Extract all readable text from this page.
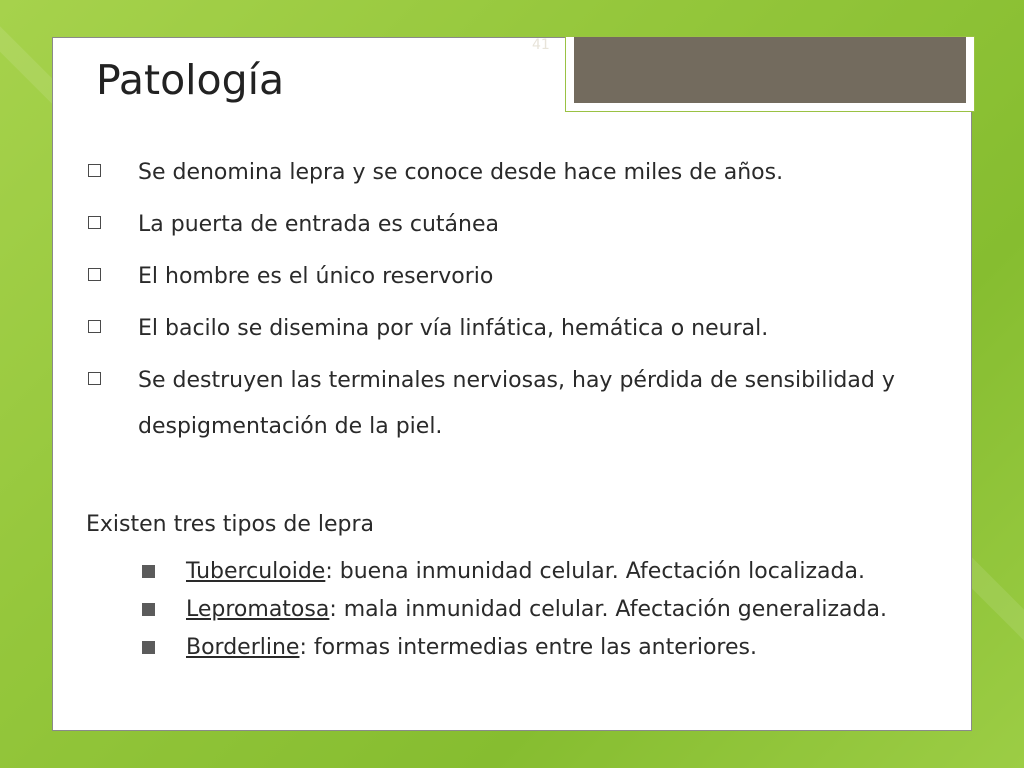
41
Patología
Se denomina lepra y se conoce desde hace miles de años.
La puerta de entrada es cutánea
El hombre es el único reservorio
El bacilo se disemina por vía linfática, hemática o neural.
Se destruyen las terminales nerviosas, hay pérdida de sensibilidad y despigmentación de la piel.
Existen tres tipos de lepra
Tuberculoide: buena inmunidad celular. Afectación localizada.
Lepromatosa: mala inmunidad celular. Afectación generalizada.
Borderline: formas intermedias entre las anteriores.
